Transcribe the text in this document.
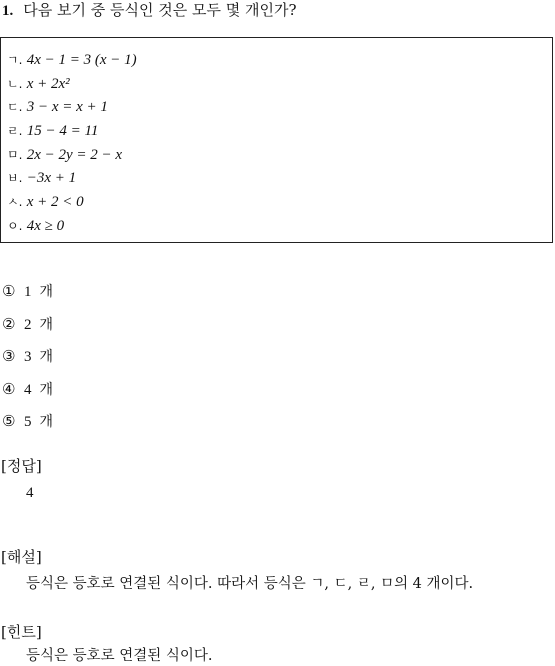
1. 다음 보기 중 등식인 것은 모두 몇 개인가?
ㄱ. 4x − 1 = 3 (x − 1)
ㄴ. x + 2x²
ㄷ. 3 − x = x + 1
ㄹ. 15 − 4 = 11
ㅁ. 2x − 2y = 2 − x
ㅂ. −3x + 1
ㅅ. x + 2 < 0
ㅇ. 4x ≥ 0
① 1 개
② 2 개
③ 3 개
④ 4 개
⑤ 5 개
[정답]
4
[해설]
등식은 등호로 연결된 식이다. 따라서 등식은 ㄱ, ㄷ, ㄹ, ㅁ의 4 개이다.
[힌트]
등식은 등호로 연결된 식이다.
